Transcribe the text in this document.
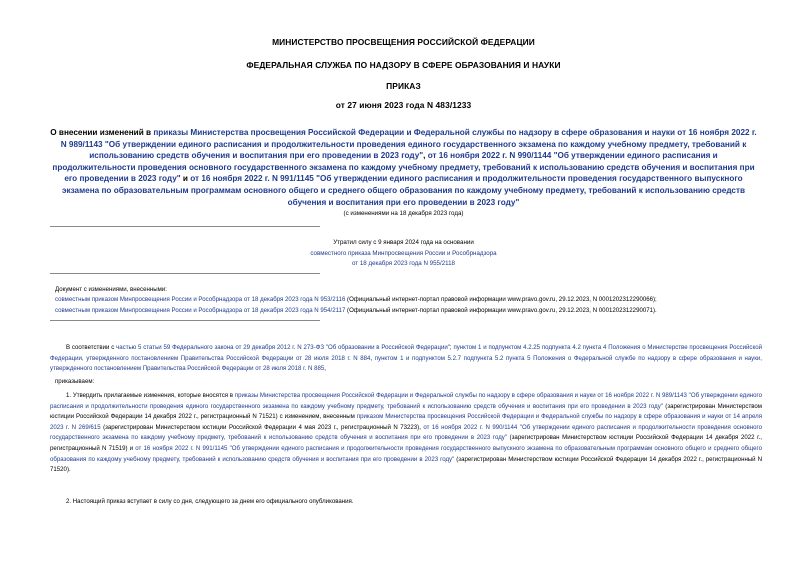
МИНИСТЕРСТВО ПРОСВЕЩЕНИЯ РОССИЙСКОЙ ФЕДЕРАЦИИ
ФЕДЕРАЛЬНАЯ СЛУЖБА ПО НАДЗОРУ В СФЕРЕ ОБРАЗОВАНИЯ И НАУКИ
ПРИКАЗ
от 27 июня 2023 года N 483/1233
О внесении изменений в приказы Министерства просвещения Российской Федерации и Федеральной службы по надзору в сфере образования и науки от 16 ноября 2022 г. N 989/1143 "Об утверждении единого расписания и продолжительности проведения единого государственного экзамена по каждому учебному предмету, требований к использованию средств обучения и воспитания при его проведении в 2023 году", от 16 ноября 2022 г. N 990/1144 "Об утверждении единого расписания и продолжительности проведения основного государственного экзамена по каждому учебному предмету, требований к использованию средств обучения и воспитания при его проведении в 2023 году" и от 16 ноября 2022 г. N 991/1145 "Об утверждении единого расписания и продолжительности проведения государственного выпускного экзамена по образовательным программам основного общего и среднего общего образования по каждому учебному предмету, требований к использованию средств обучения и воспитания при его проведении в 2023 году"
(с изменениями на 18 декабря 2023 года)
Утратил силу с 9 января 2024 года на основании
совместного приказа Минпросвещения России и Рособрнадзора
от 18 декабря 2023 года N 955/2118
Документ с изменениями, внесенными:
совместным приказом Минпросвещения России и Рособрнадзора от 18 декабря 2023 года N 953/2116 (Официальный интернет-портал правовой информации www.pravo.gov.ru, 29.12.2023, N 0001202312290066);
совместным приказом Минпросвещения России и Рособрнадзора от 18 декабря 2023 года N 954/2117 (Официальный интернет-портал правовой информации www.pravo.gov.ru, 29.12.2023, N 0001202312290071).
В соответствии с частью 5 статьи 59 Федерального закона от 29 декабря 2012 г. N 273-ФЗ "Об образовании в Российской Федерации"; пунктом 1 и подпунктом 4.2.25 подпункта 4.2 пункта 4 Положения о Министерстве просвещения Российской Федерации, утвержденного постановлением Правительства Российской Федерации от 28 июля 2018 г. N 884, пунктом 1 и подпунктом 5.2.7 подпункта 5.2 пункта 5 Положения о Федеральной службе по надзору в сфере образования и науки, утвержденного постановлением Правительства Российской Федерации от 28 июля 2018 г. N 885,
приказываем:
1. Утвердить прилагаемые изменения, которые вносятся в приказы Министерства просвещения Российской Федерации и Федеральной службы по надзору в сфере образования и науки от 16 ноября 2022 г. N 989/1143 "Об утверждении единого расписания и продолжительности проведения единого государственного экзамена по каждому учебному предмету, требований к использованию средств обучения и воспитания при его проведении в 2023 году" (зарегистрирован Министерством юстиции Российской Федерации 14 декабря 2022 г., регистрационный N 71521) с изменением, внесенным приказом Министерства просвещения Российской Федерации и Федеральной службы по надзору в сфере образования и науки от 14 апреля 2023 г. N 269/615 (зарегистрирован Министерством юстиции Российской Федерации 4 мая 2023 г., регистрационный N 73223), от 16 ноября 2022 г. N 990/1144 "Об утверждении единого расписания и продолжительности проведения основного государственного экзамена по каждому учебному предмету, требований к использованию средств обучения и воспитания при его проведении в 2023 году" (зарегистрирован Министерством юстиции Российской Федерации 14 декабря 2022 г., регистрационный N 71519) и от 16 ноября 2022 г. N 991/1145 "Об утверждении единого расписания и продолжительности проведения государственного выпускного экзамена по образовательным программам основного общего и среднего общего образования по каждому учебному предмету, требований к использованию средств обучения и воспитания при его проведении в 2023 году" (зарегистрирован Министерством юстиции Российской Федерации 14 декабря 2022 г., регистрационный N 71520).
2. Настоящий приказ вступает в силу со дня, следующего за днем его официального опубликования.
